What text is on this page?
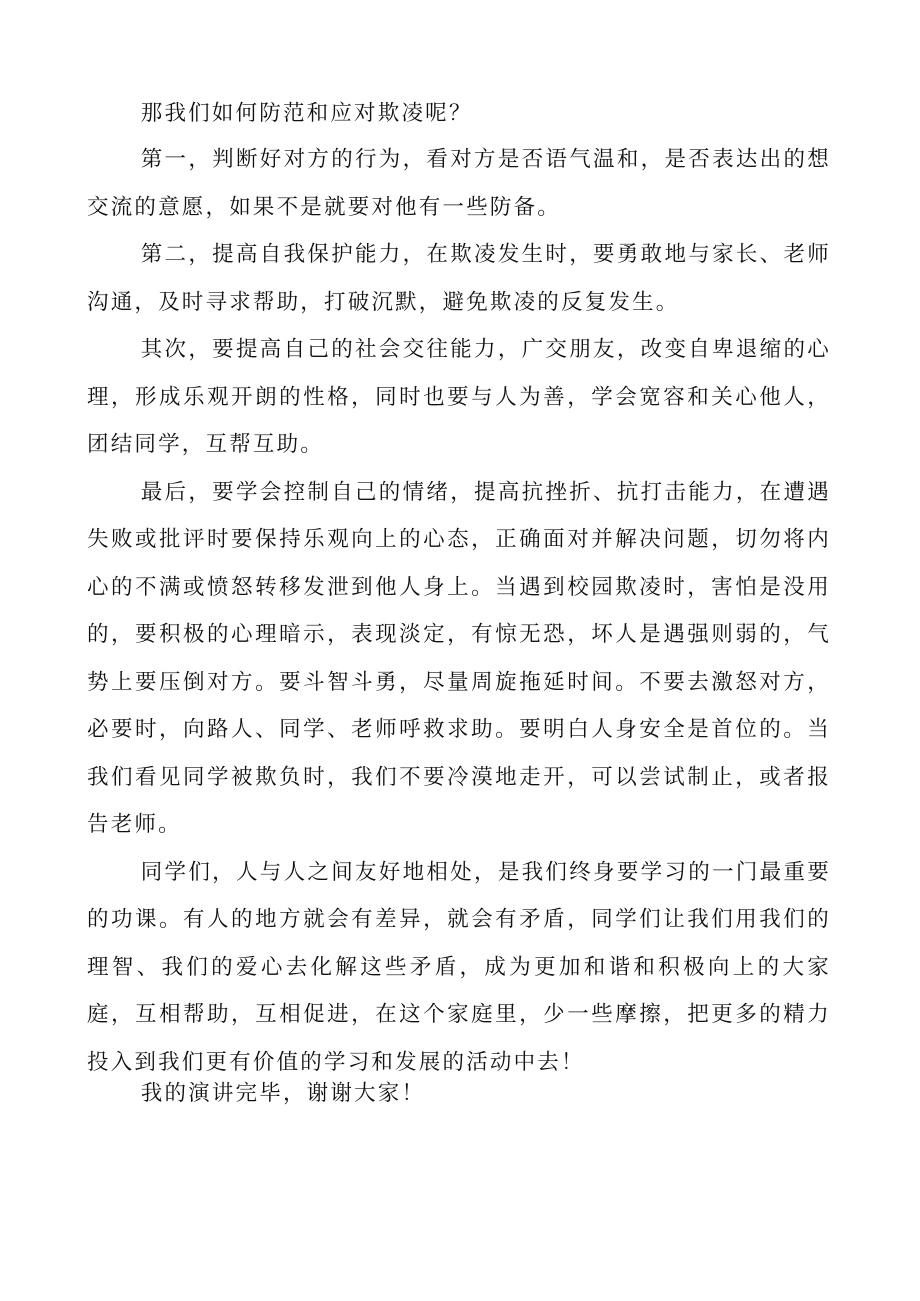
那我们如何防范和应对欺凌呢？

第一，判断好对方的行为，看对方是否语气温和，是否表达出的想交流的意愿，如果不是就要对他有一些防备。

第二，提高自我保护能力，在欺凌发生时，要勇敢地与家长、老师沟通，及时寻求帮助，打破沉默，避免欺凌的反复发生。

其次，要提高自己的社会交往能力，广交朋友，改变自卑退缩的心理，形成乐观开朗的性格，同时也要与人为善，学会宽容和关心他人，团结同学，互帮互助。

最后，要学会控制自己的情绪，提高抗挫折、抗打击能力，在遭遇失败或批评时要保持乐观向上的心态，正确面对并解决问题，切勿将内心的不满或愤怒转移发泄到他人身上。当遇到校园欺凌时，害怕是没用的，要积极的心理暗示，表现淡定，有惊无恐，坏人是遇强则弱的，气势上要压倒对方。要斗智斗勇，尽量周旋拖延时间。不要去激怒对方，必要时，向路人、同学、老师呼救求助。要明白人身安全是首位的。当我们看见同学被欺负时，我们不要冷漠地走开，可以尝试制止，或者报告老师。

同学们，人与人之间友好地相处，是我们终身要学习的一门最重要的功课。有人的地方就会有差异，就会有矛盾，同学们让我们用我们的理智、我们的爱心去化解这些矛盾，成为更加和谐和积极向上的大家庭，互相帮助，互相促进，在这个家庭里，少一些摩擦，把更多的精力投入到我们更有价值的学习和发展的活动中去！

我的演讲完毕，谢谢大家！
